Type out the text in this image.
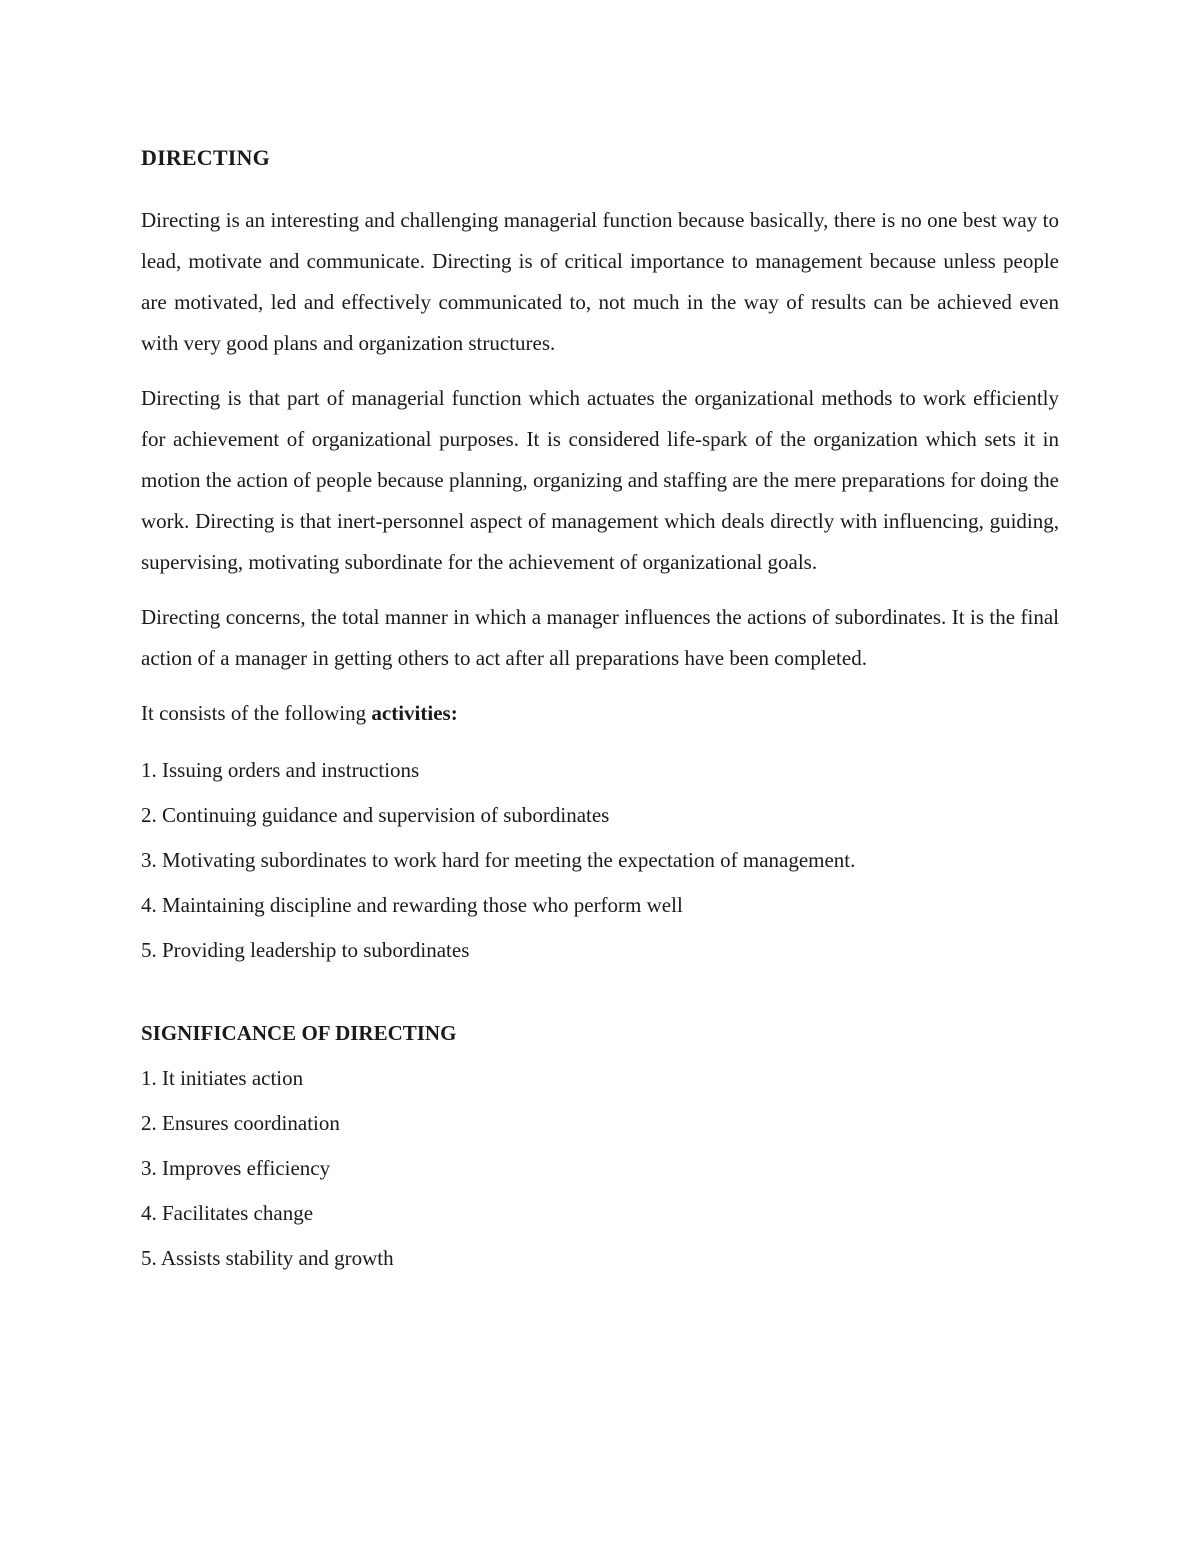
DIRECTING

Directing is an interesting and challenging managerial function because basically, there is no one best way to lead, motivate and communicate. Directing is of critical importance to management because unless people are motivated, led and effectively communicated to, not much in the way of results can be achieved even with very good plans and organization structures.

Directing is that part of managerial function which actuates the organizational methods to work efficiently for achievement of organizational purposes. It is considered life-spark of the organization which sets it in motion the action of people because planning, organizing and staffing are the mere preparations for doing the work. Directing is that inert-personnel aspect of management which deals directly with influencing, guiding, supervising, motivating subordinate for the achievement of organizational goals.

Directing concerns, the total manner in which a manager influences the actions of subordinates. It is the final action of a manager in getting others to act after all preparations have been completed.

It consists of the following activities:

1. Issuing orders and instructions
2. Continuing guidance and supervision of subordinates
3. Motivating subordinates to work hard for meeting the expectation of management.
4. Maintaining discipline and rewarding those who perform well
5. Providing leadership to subordinates
SIGNIFICANCE OF DIRECTING
1. It initiates action
2. Ensures coordination
3. Improves efficiency
4. Facilitates change
5. Assists stability and growth
